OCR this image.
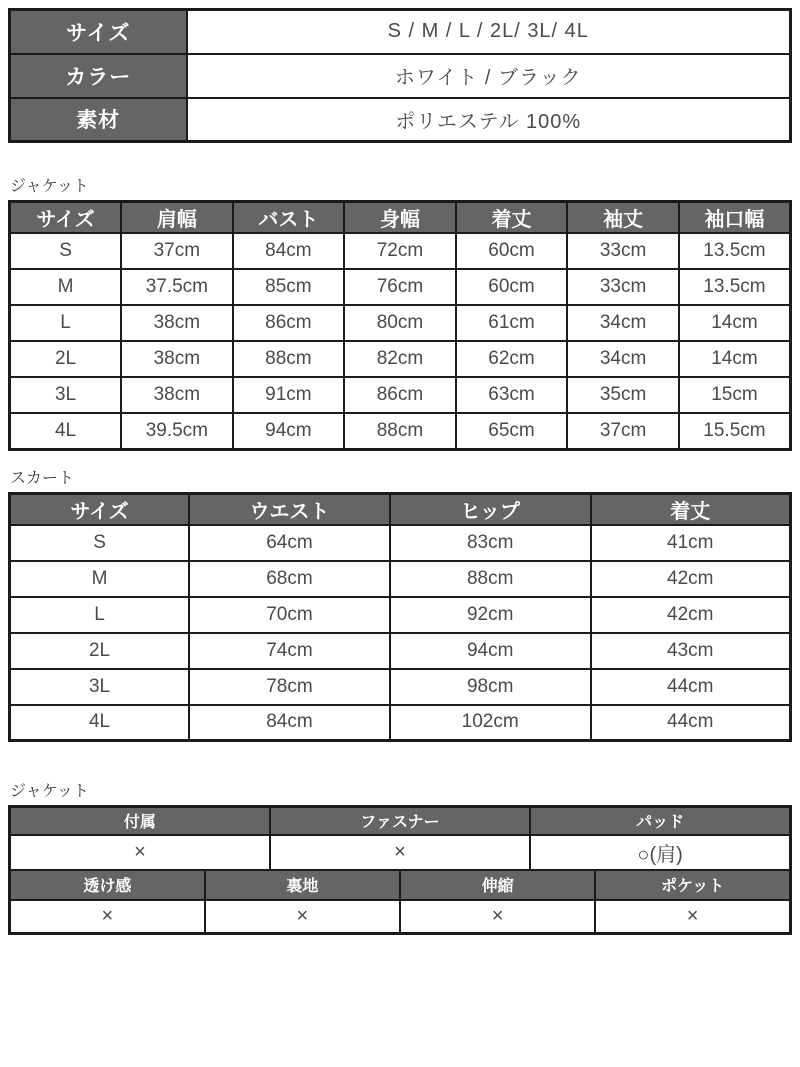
サイズ	S / M / L / 2L/ 3L/ 4L
カラー	ホワイト / ブラック
素材	ポリエステル 100%
ジャケット
サイズ	肩幅	バスト	身幅	着丈	袖丈	袖口幅
S	37cm	84cm	72cm	60cm	33cm	13.5cm
M	37.5cm	85cm	76cm	60cm	33cm	13.5cm
L	38cm	86cm	80cm	61cm	34cm	14cm
2L	38cm	88cm	82cm	62cm	34cm	14cm
3L	38cm	91cm	86cm	63cm	35cm	15cm
4L	39.5cm	94cm	88cm	65cm	37cm	15.5cm
スカート
サイズ	ウエスト	ヒップ	着丈
S	64cm	83cm	41cm
M	68cm	88cm	42cm
L	70cm	92cm	42cm
2L	74cm	94cm	43cm
3L	78cm	98cm	44cm
4L	84cm	102cm	44cm
ジャケット
付属	ファスナー	パッド
×	×	○(肩)
透け感	裏地	伸縮	ポケット
×	×	×	×
